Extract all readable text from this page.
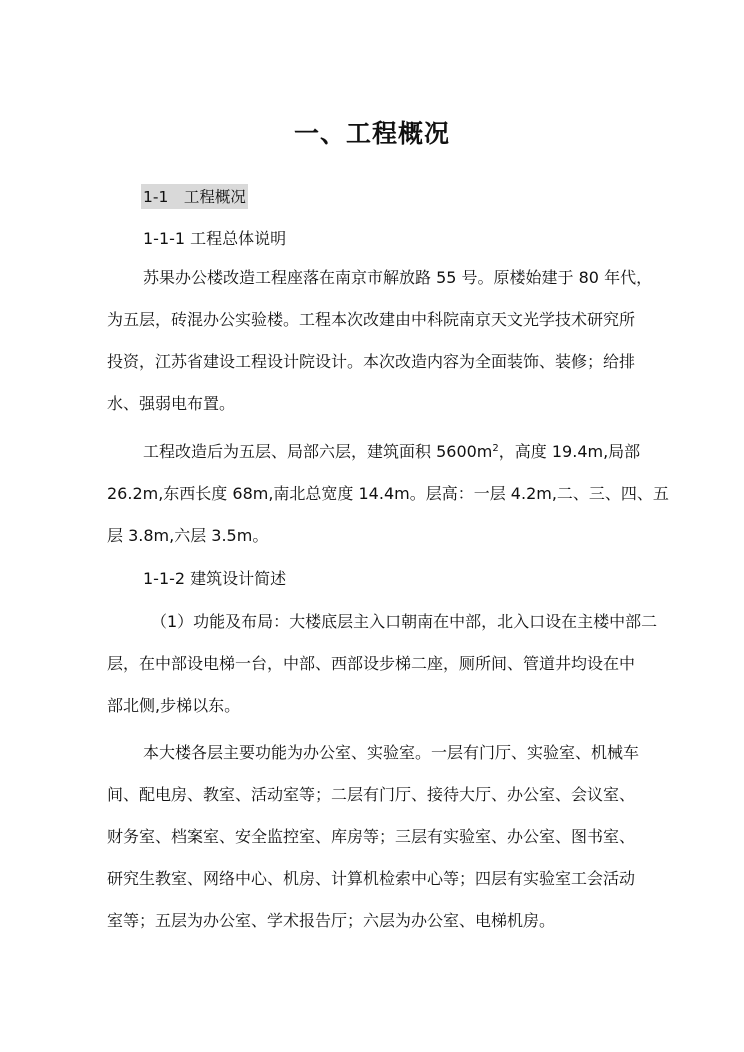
一、工程概况
1-1　工程概况
1-1-1 工程总体说明
苏果办公楼改造工程座落在南京市解放路 55 号。原楼始建于 80 年代，
为五层，砖混办公实验楼。工程本次改建由中科院南京天文光学技术研究所
投资，江苏省建设工程设计院设计。本次改造内容为全面装饰、装修；给排
水、强弱电布置。
工程改造后为五层、局部六层，建筑面积 $5600m^2$，高度 19.4m,局部
26.2m,东西长度 68m,南北总宽度 14.4m。层高：一层 4.2m,二、三、四、五
层 3.8m,六层 3.5m。
1-1-2 建筑设计简述
（1）功能及布局：大楼底层主入口朝南在中部，北入口设在主楼中部二
层，在中部设电梯一台，中部、西部设步梯二座，厕所间、管道井均设在中
部北侧,步梯以东。
本大楼各层主要功能为办公室、实验室。一层有门厅、实验室、机械车
间、配电房、教室、活动室等；二层有门厅、接待大厅、办公室、会议室、
财务室、档案室、安全监控室、库房等；三层有实验室、办公室、图书室、
研究生教室、网络中心、机房、计算机检索中心等；四层有实验室工会活动
室等；五层为办公室、学术报告厅；六层为办公室、电梯机房。
